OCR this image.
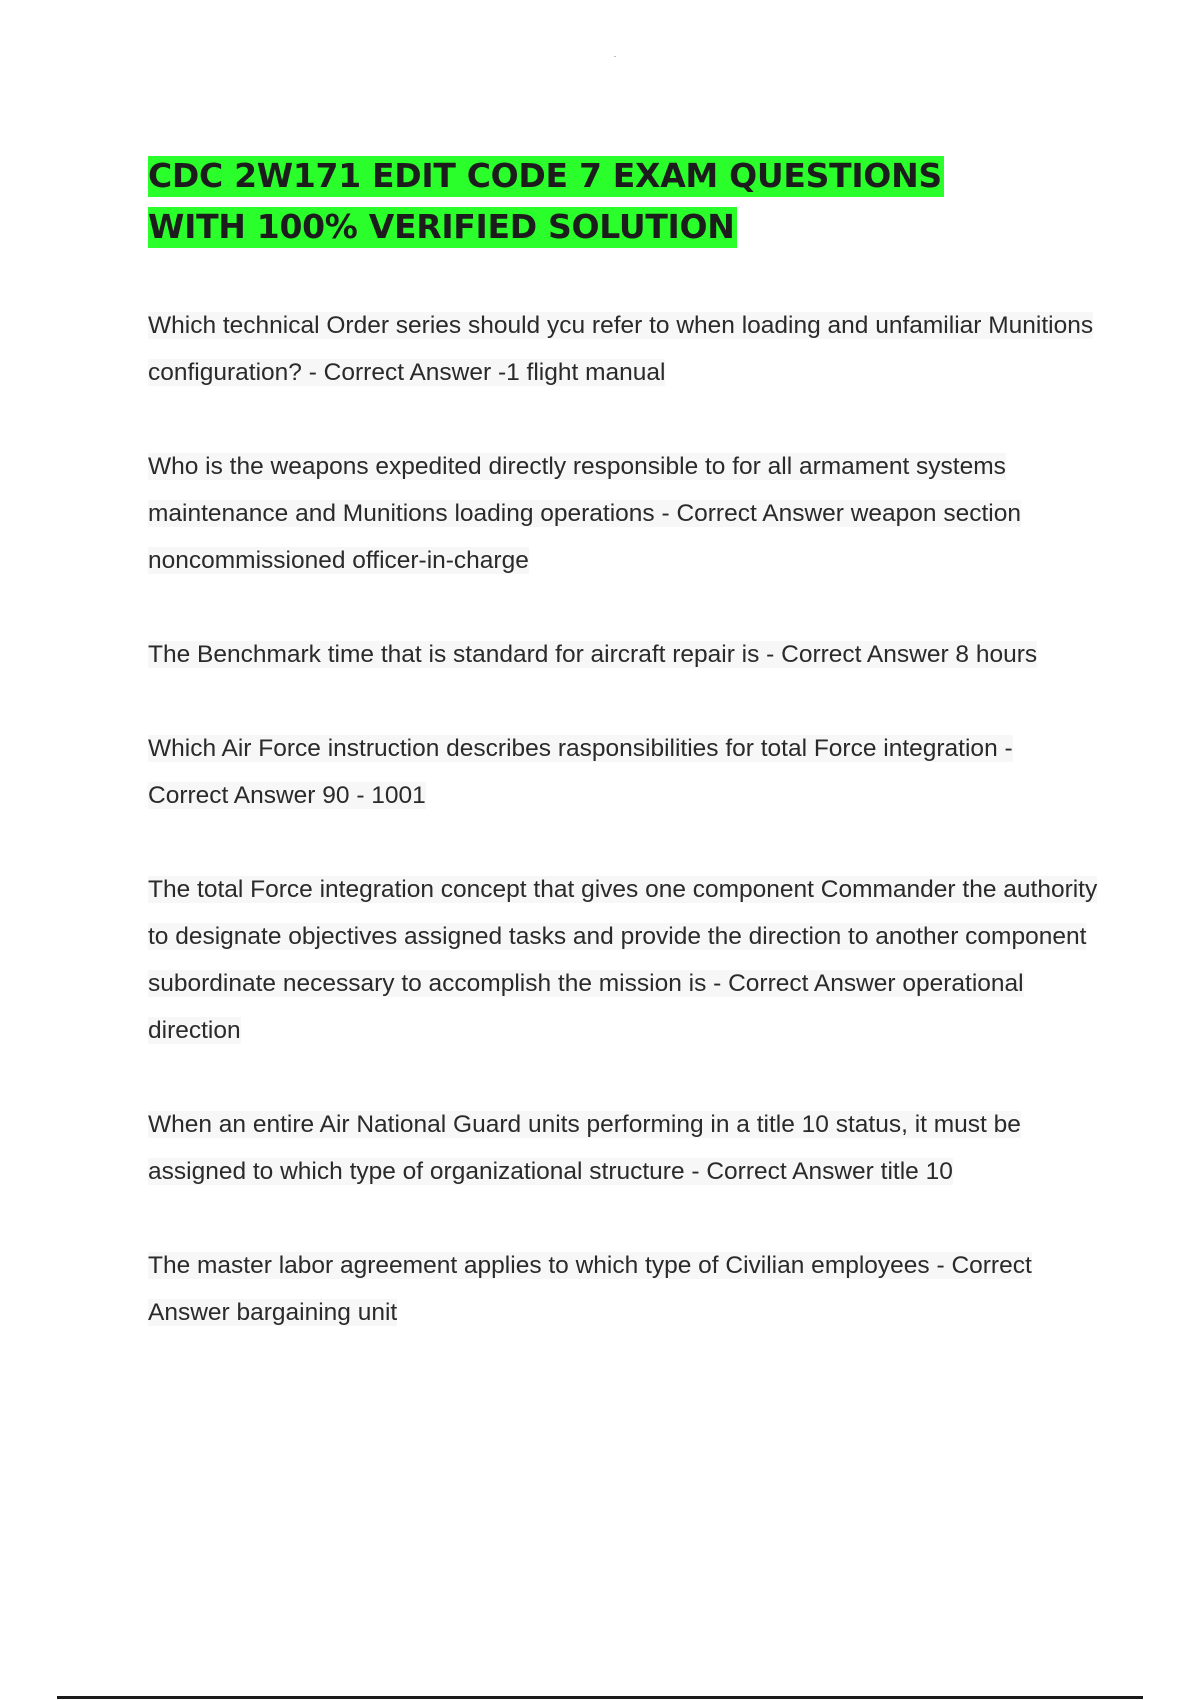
CDC 2W171 EDIT CODE 7 EXAM QUESTIONS WITH 100% VERIFIED SOLUTION
Which technical Order series should ycu refer to when loading and unfamiliar Munitions configuration? - Correct Answer -1 flight manual
Who is the weapons expedited directly responsible to for all armament systems maintenance and Munitions loading operations - Correct Answer weapon section noncommissioned officer-in-charge
The Benchmark time that is standard for aircraft repair is - Correct Answer 8 hours
Which Air Force instruction describes rasponsibilities for total Force integration - Correct Answer 90 - 1001
The total Force integration concept that gives one component Commander the authority to designate objectives assigned tasks and provide the direction to another component subordinate necessary to accomplish the mission is - Correct Answer operational direction
When an entire Air National Guard units performing in a title 10 status, it must be assigned to which type of organizational structure - Correct Answer title 10
The master labor agreement applies to which type of Civilian employees - Correct Answer bargaining unit
